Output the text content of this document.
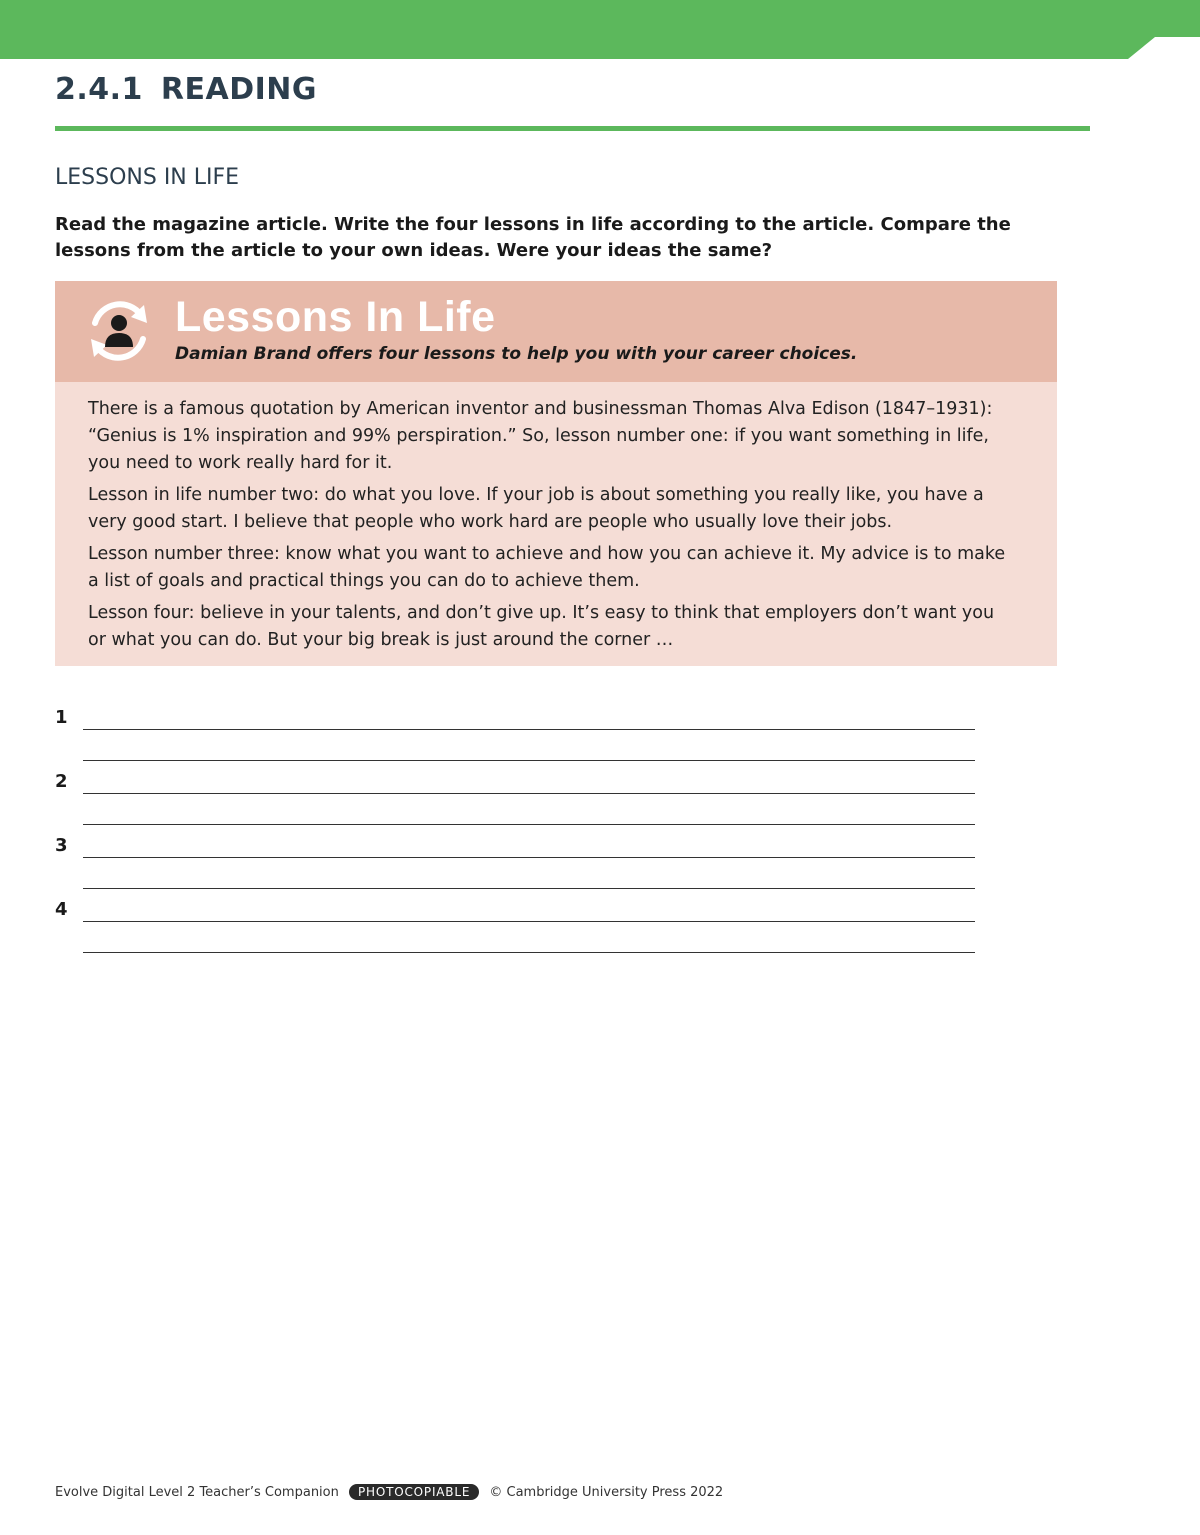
2.4.1 READING
LESSONS IN LIFE

Read the magazine article. Write the four lessons in life according to the article. Compare the lessons from the article to your own ideas. Were your ideas the same?

Lessons In Life

Damian Brand offers four lessons to help you with your career choices.

There is a famous quotation by American inventor and businessman Thomas Alva Edison (1847–1931): “Genius is 1% inspiration and 99% perspiration.” So, lesson number one: if you want something in life, you need to work really hard for it.

Lesson in life number two: do what you love. If your job is about something you really like, you have a very good start. I believe that people who work hard are people who usually love their jobs.

Lesson number three: know what you want to achieve and how you can achieve it. My advice is to make a list of goals and practical things you can do to achieve them.

Lesson four: believe in your talents, and don’t give up. It’s easy to think that employers don’t want you or what you can do. But your big break is just around the corner …

1
2
3
4
Evolve Digital Level 2 Teacher’s Companion PHOTOCOPIABLE © Cambridge University Press 2022
